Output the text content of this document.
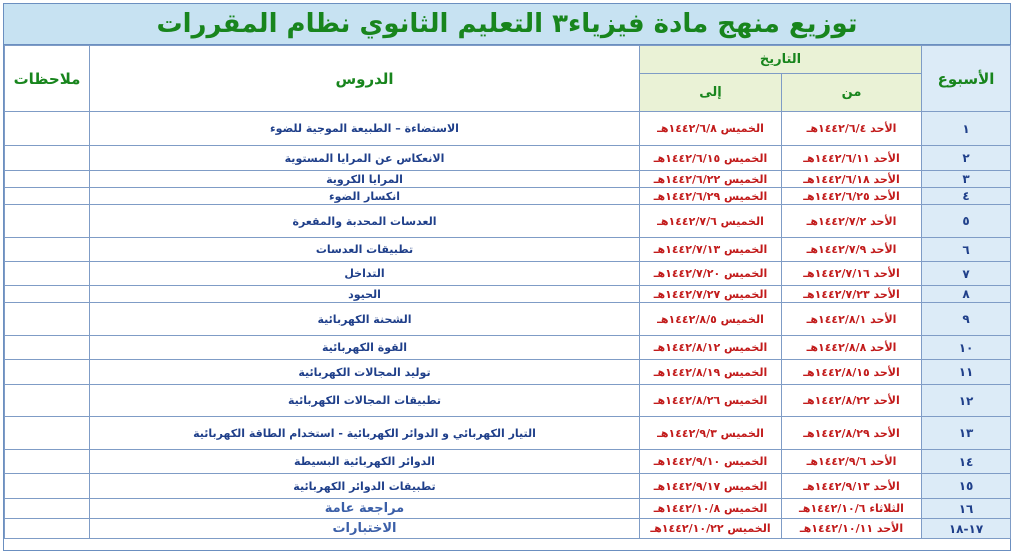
توزيع منهج مادة فيزياء٣ التعليم الثانوي نظام المقررات
ملاحظات	الدروس	التاريخ		الأسبوع
		إلى	من	
	الاستضاءة – الطبيعة الموجية للضوء	الخميس ١٤٤٢/٦/٨هـ	الأحد ١٤٤٢/٦/٤هـ	١
	الانعكاس عن المرايا المستوية	الخميس ١٤٤٢/٦/١٥هـ	الأحد ١٤٤٢/٦/١١هـ	٢
	المرايا الكروية	الخميس ١٤٤٢/٦/٢٢هـ	الأحد ١٤٤٢/٦/١٨هـ	٣
	انكسار الضوء	الخميس ١٤٤٢/٦/٢٩هـ	الأحد ١٤٤٢/٦/٢٥هـ	٤
	العدسات المحدبة والمقعرة	الخميس ١٤٤٢/٧/٦هـ	الأحد ١٤٤٢/٧/٢هـ	٥
	تطبيقات العدسات	الخميس ١٤٤٢/٧/١٣هـ	الأحد ١٤٤٢/٧/٩هـ	٦
	التداخل	الخميس ١٤٤٢/٧/٢٠هـ	الأحد ١٤٤٢/٧/١٦هـ	٧
	الحيود	الخميس ١٤٤٢/٧/٢٧هـ	الأحد ١٤٤٢/٧/٢٣هـ	٨
	الشحنة الكهربائية	الخميس ١٤٤٢/٨/٥هـ	الأحد ١٤٤٢/٨/١هـ	٩
	القوة الكهربائية	الخميس ١٤٤٢/٨/١٢هـ	الأحد ١٤٤٢/٨/٨هـ	١٠
	توليد المجالات الكهربائية	الخميس ١٤٤٢/٨/١٩هـ	الأحد ١٤٤٢/٨/١٥هـ	١١
	تطبيقات المجالات الكهربائية	الخميس ١٤٤٢/٨/٢٦هـ	الأحد ١٤٤٢/٨/٢٢هـ	١٢
	التيار الكهربائي و الدوائر الكهربائية - استخدام الطاقة الكهربائية	الخميس ١٤٤٢/٩/٣هـ	الأحد ١٤٤٢/٨/٢٩هـ	١٣
	الدوائر الكهربائية البسيطة	الخميس ١٤٤٢/٩/١٠هـ	الأحد ١٤٤٢/٩/٦هـ	١٤
	تطبيقات الدوائر الكهربائية	الخميس ١٤٤٢/٩/١٧هـ	الأحد ١٤٤٢/٩/١٣هـ	١٥
	مراجعة عامة	الخميس ١٤٤٢/١٠/٨هـ	الثلاثاء ١٤٤٢/١٠/٦هـ	١٦
	الاختبارات	الخميس ١٤٤٢/١٠/٢٢هـ	الأحد ١٤٤٢/١٠/١١هـ	١٧-١٨
